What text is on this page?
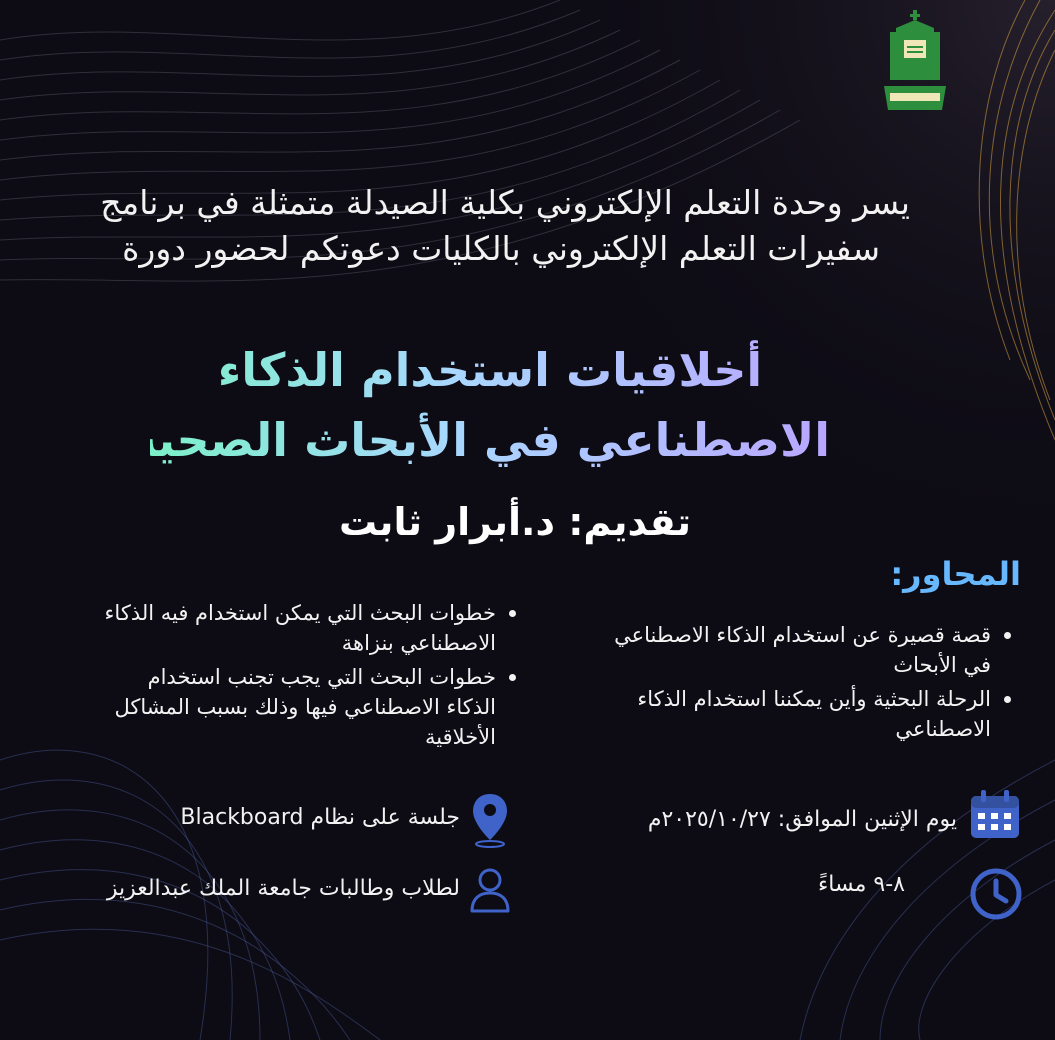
يسر وحدة التعلم الإلكتروني بكلية الصيدلة متمثلة في برنامج
سفيرات التعلم الإلكتروني بالكليات دعوتكم لحضور دورة
أخلاقيات استخدام الذكاء
الاصطناعي في الأبحاث الصحية
تقديم: د.أبرار ثابت
المحاور:
قصة قصيرة عن استخدام الذكاء الاصطناعي في الأبحاث
الرحلة البحثية وأين يمكننا استخدام الذكاء الاصطناعي
خطوات البحث التي يمكن استخدام فيه الذكاء الاصطناعي بنزاهة
خطوات البحث التي يجب تجنب استخدام الذكاء الاصطناعي فيها وذلك بسبب المشاكل الأخلاقية
يوم الإثنين الموافق: ٢٠٢٥/١٠/٢٧م
٨-٩ مساءً
جلسة على نظام Blackboard
لطلاب وطالبات جامعة الملك عبدالعزيز
